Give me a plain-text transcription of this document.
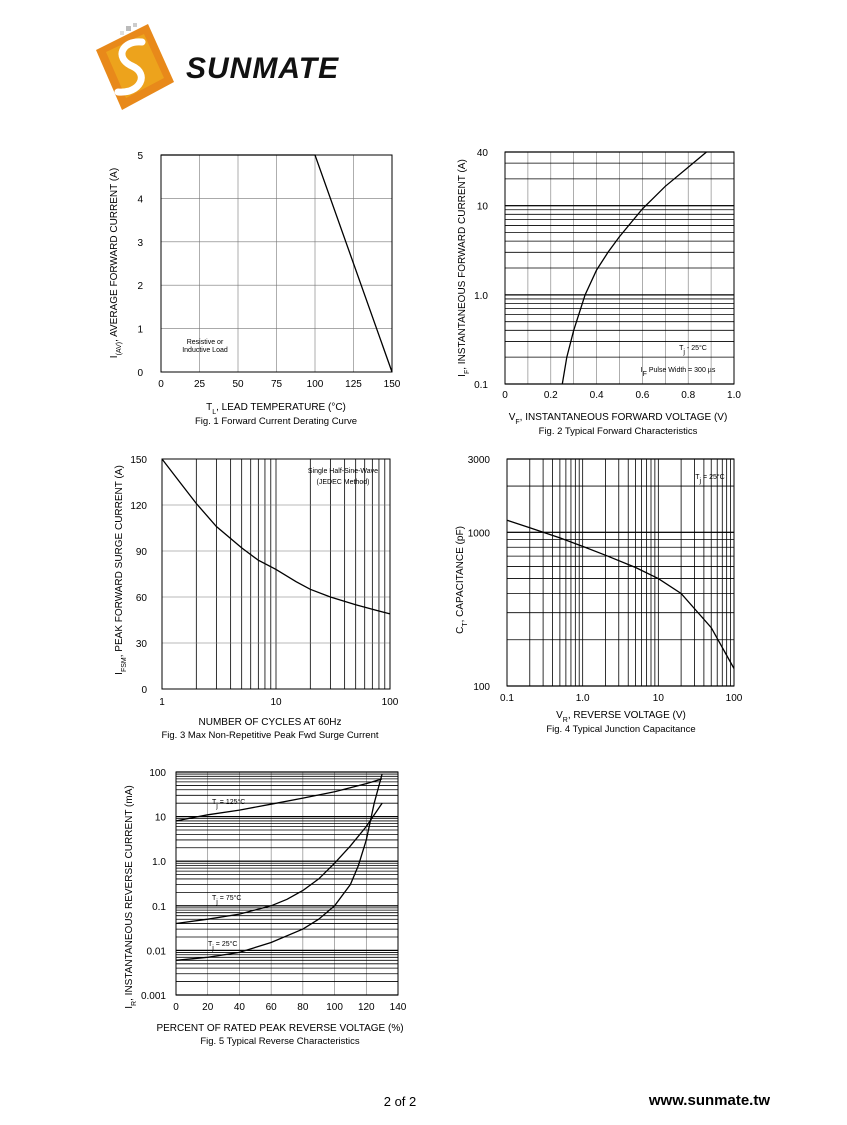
SUNMATE
0	25	50	75 100 125 150
0
1
2
3
4
5
$T_L$, LEAD TEMPERATURE (°C)
Fig. 1 Forward Current Derating Curve
$I_{(AV)}$, AVERAGE FORWARD CURRENT (A)
Resistive or
Inductive Load
0	0.2	0.4	0.6	0.8	1.0
0.1
1.0
10
40
$V_F$, INSTANTANEOUS FORWARD VOLTAGE (V)
Fig. 2 Typical Forward Characteristics
$I_F$, INSTANTANEOUS FORWARD CURRENT (A)	$T_j - 25^\circ C$
$I_F$ Pulse Width = 300 µs
1	10	100
0
30
60
90
120
150
NUMBER OF CYCLES AT 60Hz
Fig. 3 Max Non-Repetitive Peak Fwd Surge Current
$I_{FSM}$, PEAK FORWARD SURGE CURRENT (A)	Single Half-Sine-Wave
(JEDEC Method)
0.1	1.0	10	100
100
1000
3000
$V_R$, REVERSE VOLTAGE (V)
Fig. 4 Typical Junction Capacitance
$C_T$, CAPACITANCE (pF)
$T_j = 25^\circ C$
0 20 40 60 80 100 120 140
0.001
0.01
0.1
1.0
10
100
PERCENT OF RATED PEAK REVERSE VOLTAGE (%)
Fig. 5 Typical Reverse Characteristics
$I_R$, INSTANTANEOUS REVERSE CURRENT (mA)	$T_j = 125^\circ C$
$T_j = 75^\circ C$
$T_j = 25^\circ C$
2 of 2	www.sunmate.tw
